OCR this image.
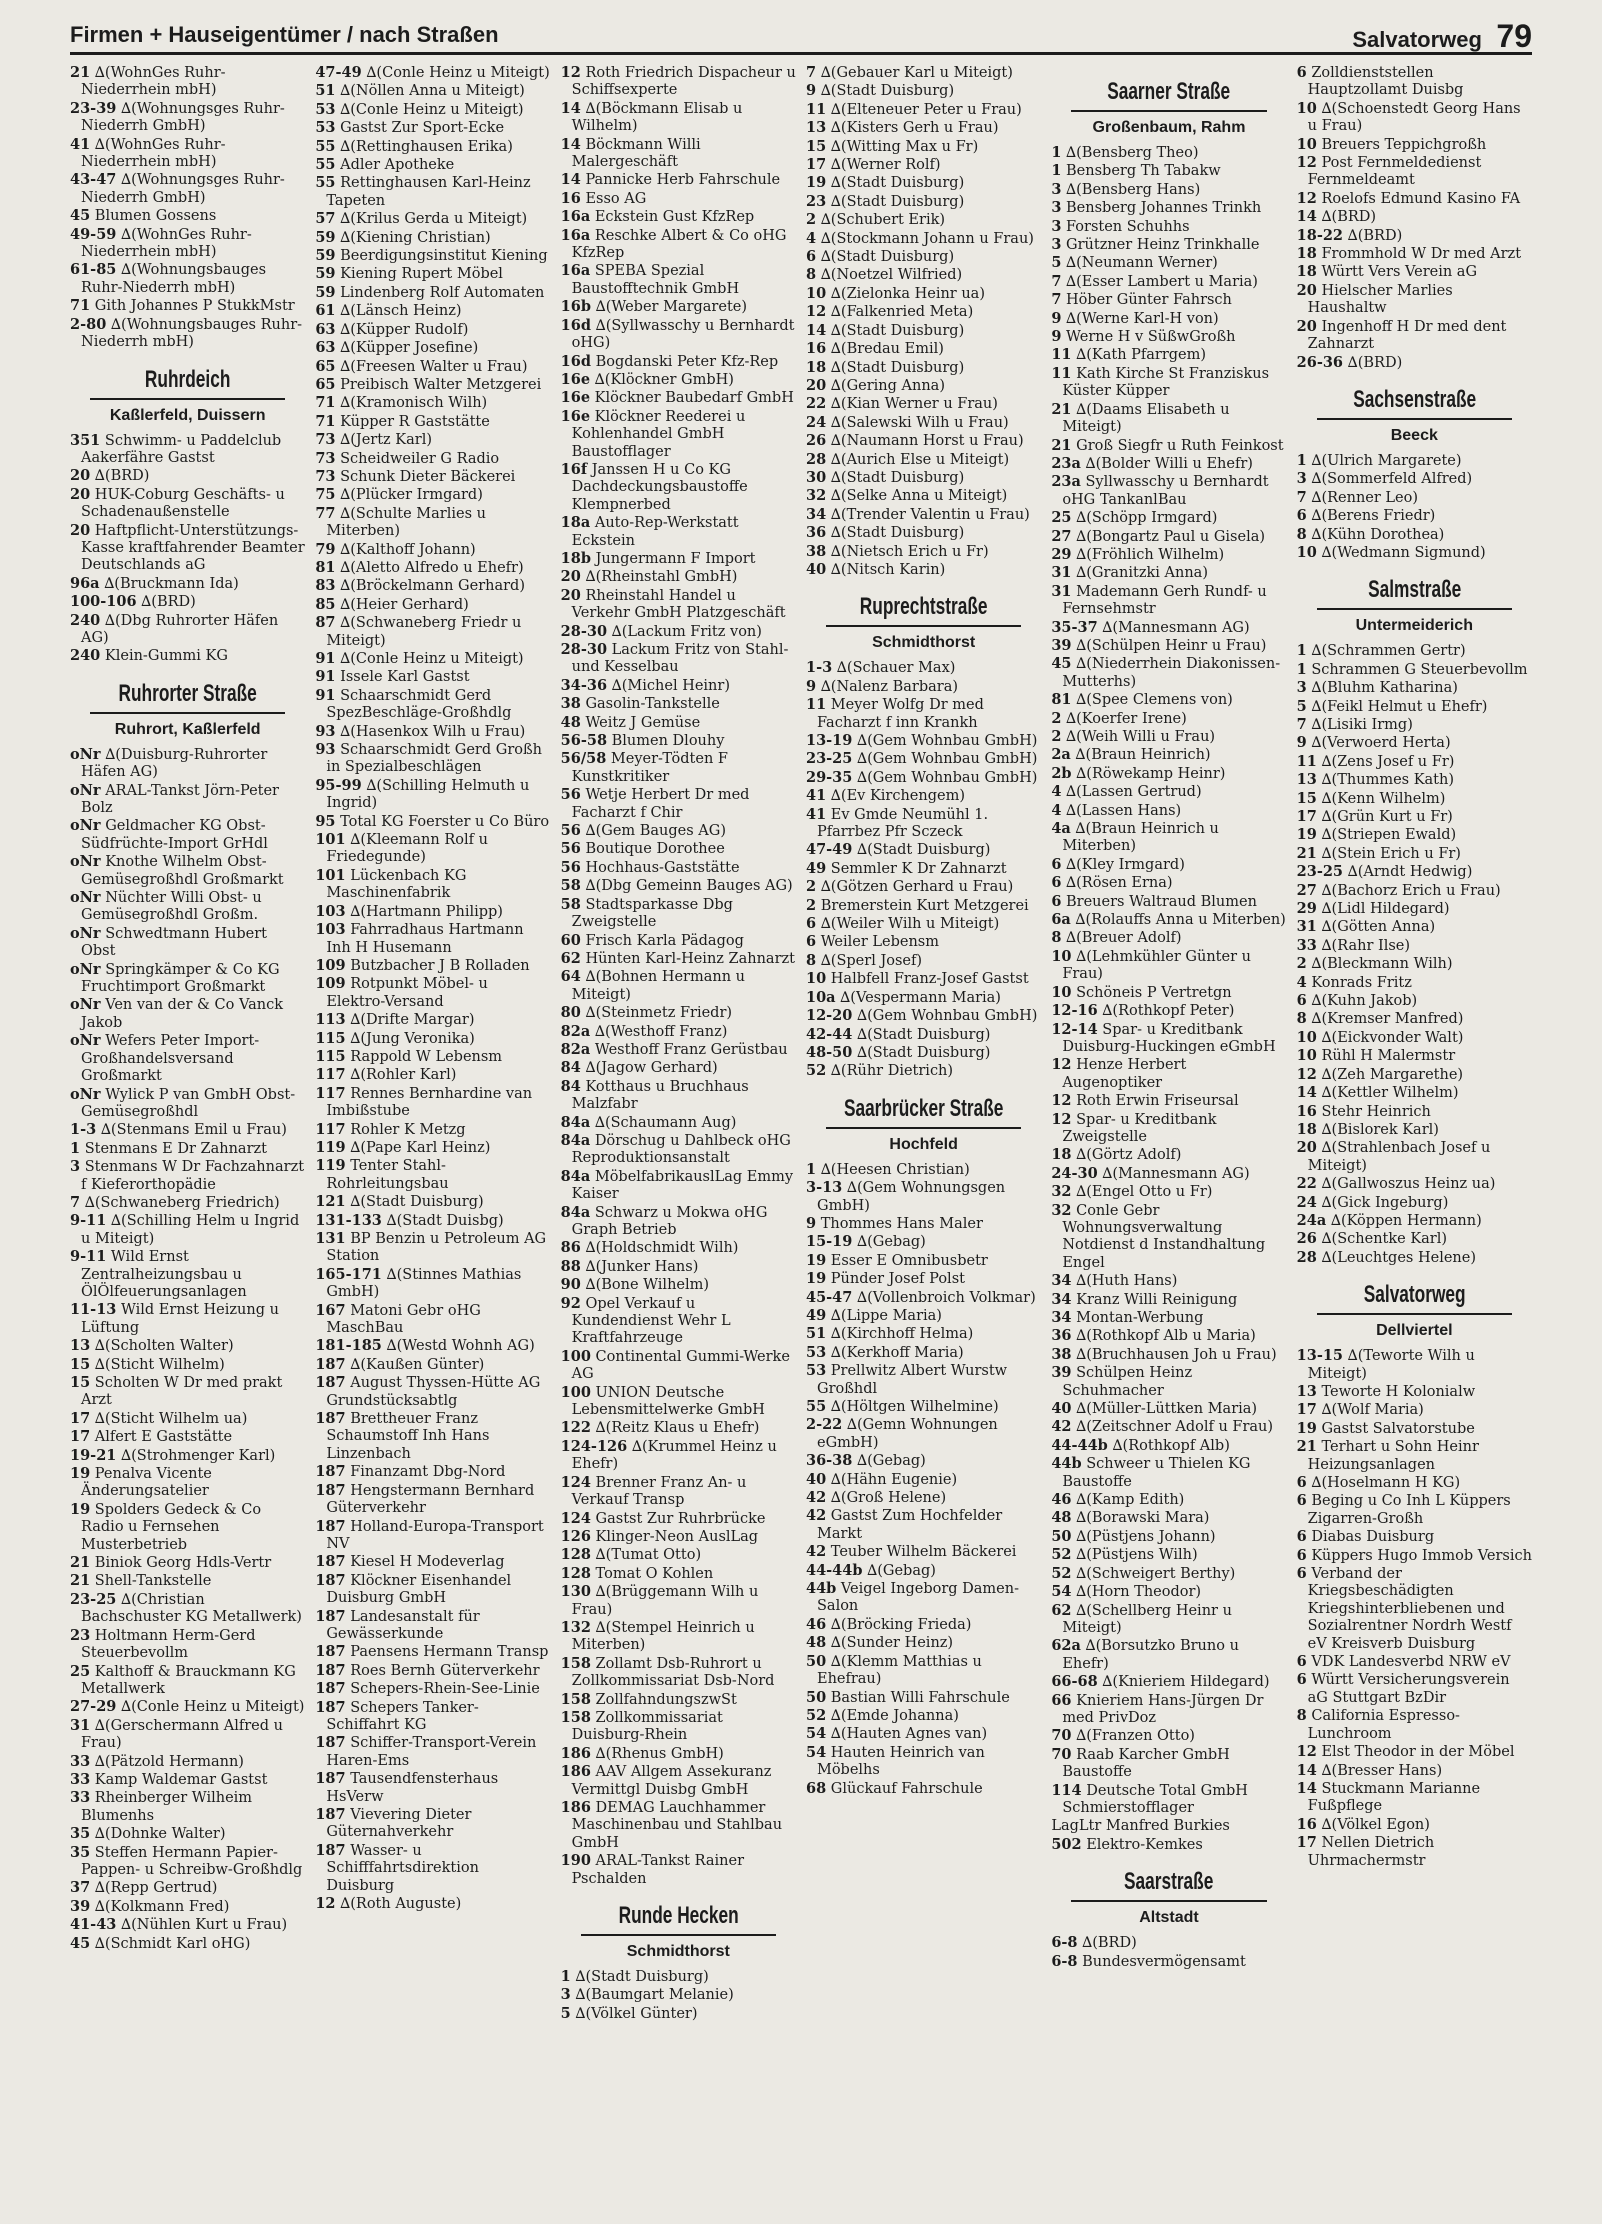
Firmen + Hauseigentümer / nach Straßen	Salvatorweg 79
21 ∆(WohnGes Ruhr-Niederrhein mbH)
23-39 ∆(Wohnungsges Ruhr-Niederrh GmbH)
41 ∆(WohnGes Ruhr-Niederrhein mbH)
43-47 ∆(Wohnungsges Ruhr-Niederrh GmbH)
45 Blumen Gossens
49-59 ∆(WohnGes Ruhr-Niederrhein mbH)
61-85 ∆(Wohnungsbauges Ruhr-Niederrh mbH)
71 Gith Johannes P StukkMstr
2-80 ∆(Wohnungsbauges Ruhr-Niederrh mbH)
Ruhrdeich
Kaßlerfeld, Duissern
351 Schwimm- u Paddelclub Aakerfähre Gastst
20 ∆(BRD)
20 HUK-Coburg Geschäfts- u Schadenaußenstelle
20 Haftpflicht-Unterstützungs-Kasse kraftfahrender Beamter Deutschlands aG
96a ∆(Bruckmann Ida)
100-106 ∆(BRD)
240 ∆(Dbg Ruhrorter Häfen AG)
240 Klein-Gummi KG
Ruhrorter Straße
Ruhrort, Kaßlerfeld
oNr ∆(Duisburg-Ruhrorter Häfen AG)
oNr ARAL-Tankst Jörn-Peter Bolz
oNr Geldmacher KG Obst-Südfrüchte-Import GrHdl
oNr Knothe Wilhelm Obst-Gemüsegroßhdl Großmarkt
oNr Nüchter Willi Obst- u Gemüsegroßhdl Großm.
oNr Schwedtmann Hubert Obst
oNr Springkämper & Co KG Fruchtimport Großmarkt
oNr Ven van der & Co Vanck Jakob
oNr Wefers Peter Import-Großhandelsversand Großmarkt
oNr Wylick P van GmbH Obst-Gemüsegroßhdl
1-3 ∆(Stenmans Emil u Frau)
1 Stenmans E Dr Zahnarzt
3 Stenmans W Dr Fachzahnarzt f Kieferorthopädie
7 ∆(Schwaneberg Friedrich)
9-11 ∆(Schilling Helm u Ingrid u Miteigt)
9-11 Wild Ernst Zentralheizungsbau u ÖlÖlfeuerungsanlagen
11-13 Wild Ernst Heizung u Lüftung
13 ∆(Scholten Walter)
15 ∆(Sticht Wilhelm)
15 Scholten W Dr med prakt Arzt
17 ∆(Sticht Wilhelm ua)
17 Alfert E Gaststätte
19-21 ∆(Strohmenger Karl)
19 Penalva Vicente Änderungsatelier
19 Spolders Gedeck & Co Radio u Fernsehen Musterbetrieb
21 Biniok Georg Hdls-Vertr
21 Shell-Tankstelle
23-25 ∆(Christian Bachschuster KG Metallwerk)
23 Holtmann Herm-Gerd Steuerbevollm
25 Kalthoff & Brauckmann KG Metallwerk
27-29 ∆(Conle Heinz u Miteigt)
31 ∆(Gerschermann Alfred u Frau)
33 ∆(Pätzold Hermann)
33 Kamp Waldemar Gastst
33 Rheinberger Wilheim Blumenhs
35 ∆(Dohnke Walter)
35 Steffen Hermann Papier- Pappen- u Schreibw-Großhdlg
37 ∆(Repp Gertrud)
39 ∆(Kolkmann Fred)
41-43 ∆(Nühlen Kurt u Frau)
45 ∆(Schmidt Karl oHG)
47-49 ∆(Conle Heinz u Miteigt)
51 ∆(Nöllen Anna u Miteigt)
53 ∆(Conle Heinz u Miteigt)
53 Gastst Zur Sport-Ecke
55 ∆(Rettinghausen Erika)
55 Adler Apotheke
55 Rettinghausen Karl-Heinz Tapeten
57 ∆(Krilus Gerda u Miteigt)
59 ∆(Kiening Christian)
59 Beerdigungsinstitut Kiening
59 Kiening Rupert Möbel
59 Lindenberg Rolf Automaten
61 ∆(Länsch Heinz)
63 ∆(Küpper Rudolf)
63 ∆(Küpper Josefine)
65 ∆(Freesen Walter u Frau)
65 Preibisch Walter Metzgerei
71 ∆(Kramonisch Wilh)
71 Küpper R Gaststätte
73 ∆(Jertz Karl)
73 Scheidweiler G Radio
73 Schunk Dieter Bäckerei
75 ∆(Plücker Irmgard)
77 ∆(Schulte Marlies u Miterben)
79 ∆(Kalthoff Johann)
81 ∆(Aletto Alfredo u Ehefr)
83 ∆(Bröckelmann Gerhard)
85 ∆(Heier Gerhard)
87 ∆(Schwaneberg Friedr u Miteigt)
91 ∆(Conle Heinz u Miteigt)
91 Issele Karl Gastst
91 Schaarschmidt Gerd SpezBeschläge-Großhdlg
93 ∆(Hasenkox Wilh u Frau)
93 Schaarschmidt Gerd Großh in Spezialbeschlägen
95-99 ∆(Schilling Helmuth u Ingrid)
95 Total KG Foerster u Co Büro
101 ∆(Kleemann Rolf u Friedegunde)
101 Lückenbach KG Maschinenfabrik
103 ∆(Hartmann Philipp)
103 Fahrradhaus Hartmann Inh H Husemann
109 Butzbacher J B Rolladen
109 Rotpunkt Möbel- u Elektro-Versand
113 ∆(Drifte Margar)
115 ∆(Jung Veronika)
115 Rappold W Lebensm
117 ∆(Rohler Karl)
117 Rennes Bernhardine van Imbißstube
117 Rohler K Metzg
119 ∆(Pape Karl Heinz)
119 Tenter Stahl- Rohrleitungsbau
121 ∆(Stadt Duisburg)
131-133 ∆(Stadt Duisbg)
131 BP Benzin u Petroleum AG Station
165-171 ∆(Stinnes Mathias GmbH)
167 Matoni Gebr oHG MaschBau
181-185 ∆(Westd Wohnh AG)
187 ∆(Kaußen Günter)
187 August Thyssen-Hütte AG Grundstücksabtlg
187 Brettheuer Franz Schaumstoff Inh Hans Linzenbach
187 Finanzamt Dbg-Nord
187 Hengstermann Bernhard Güterverkehr
187 Holland-Europa-Transport NV
187 Kiesel H Modeverlag
187 Klöckner Eisenhandel Duisburg GmbH
187 Landesanstalt für Gewässerkunde
187 Paensens Hermann Transp
187 Roes Bernh Güterverkehr
187 Schepers-Rhein-See-Linie
187 Schepers Tanker-Schiffahrt KG
187 Schiffer-Transport-Verein Haren-Ems
187 Tausendfensterhaus HsVerw
187 Vievering Dieter Güternahverkehr
187 Wasser- u Schifffahrtsdirektion Duisburg
12 ∆(Roth Auguste)
12 Roth Friedrich Dispacheur u Schiffsexperte
14 ∆(Böckmann Elisab u Wilhelm)
14 Böckmann Willi Malergeschäft
14 Pannicke Herb Fahrschule
16 Esso AG
16a Eckstein Gust KfzRep
16a Reschke Albert & Co oHG KfzRep
16a SPEBA Spezial Baustofftechnik GmbH
16b ∆(Weber Margarete)
16d ∆(Syllwasschy u Bernhardt oHG)
16d Bogdanski Peter Kfz-Rep
16e ∆(Klöckner GmbH)
16e Klöckner Baubedarf GmbH
16e Klöckner Reederei u Kohlenhandel GmbH Baustofflager
16f Janssen H u Co KG Dachdeckungsbaustoffe Klempnerbed
18a Auto-Rep-Werkstatt Eckstein
18b Jungermann F Import
20 ∆(Rheinstahl GmbH)
20 Rheinstahl Handel u Verkehr GmbH Platzgeschäft
28-30 ∆(Lackum Fritz von)
28-30 Lackum Fritz von Stahl- und Kesselbau
34-36 ∆(Michel Heinr)
38 Gasolin-Tankstelle
48 Weitz J Gemüse
56-58 Blumen Dlouhy
56/58 Meyer-Tödten F Kunstkritiker
56 Wetje Herbert Dr med Facharzt f Chir
56 ∆(Gem Bauges AG)
56 Boutique Dorothee
56 Hochhaus-Gaststätte
58 ∆(Dbg Gemeinn Bauges AG)
58 Stadtsparkasse Dbg Zweigstelle
60 Frisch Karla Pädagog
62 Hünten Karl-Heinz Zahnarzt
64 ∆(Bohnen Hermann u Miteigt)
80 ∆(Steinmetz Friedr)
82a ∆(Westhoff Franz)
82a Westhoff Franz Gerüstbau
84 ∆(Jagow Gerhard)
84 Kotthaus u Bruchhaus Malzfabr
84a ∆(Schaumann Aug)
84a Dörschug u Dahlbeck oHG Reproduktionsanstalt
84a MöbelfabrikauslLag Emmy Kaiser
84a Schwarz u Mokwa oHG Graph Betrieb
86 ∆(Holdschmidt Wilh)
88 ∆(Junker Hans)
90 ∆(Bone Wilhelm)
92 Opel Verkauf u Kundendienst Wehr L Kraftfahrzeuge
100 Continental Gummi-Werke AG
100 UNION Deutsche Lebensmittelwerke GmbH
122 ∆(Reitz Klaus u Ehefr)
124-126 ∆(Krummel Heinz u Ehefr)
124 Brenner Franz An- u Verkauf Transp
124 Gastst Zur Ruhrbrücke
126 Klinger-Neon AuslLag
128 ∆(Tumat Otto)
128 Tomat O Kohlen
130 ∆(Brüggemann Wilh u Frau)
132 ∆(Stempel Heinrich u Miterben)
158 Zollamt Dsb-Ruhrort u Zollkommissariat Dsb-Nord
158 ZollfahndungszwSt
158 Zollkommissariat Duisburg-Rhein
186 ∆(Rhenus GmbH)
186 AAV Allgem Assekuranz Vermittgl Duisbg GmbH
186 DEMAG Lauchhammer Maschinenbau und Stahlbau GmbH
190 ARAL-Tankst Rainer Pschalden
Runde Hecken
Schmidthorst
1 ∆(Stadt Duisburg)
3 ∆(Baumgart Melanie)
5 ∆(Völkel Günter)
7 ∆(Gebauer Karl u Miteigt)
9 ∆(Stadt Duisburg)
11 ∆(Elteneuer Peter u Frau)
13 ∆(Kisters Gerh u Frau)
15 ∆(Witting Max u Fr)
17 ∆(Werner Rolf)
19 ∆(Stadt Duisburg)
23 ∆(Stadt Duisburg)
2 ∆(Schubert Erik)
4 ∆(Stockmann Johann u Frau)
6 ∆(Stadt Duisburg)
8 ∆(Noetzel Wilfried)
10 ∆(Zielonka Heinr ua)
12 ∆(Falkenried Meta)
14 ∆(Stadt Duisburg)
16 ∆(Bredau Emil)
18 ∆(Stadt Duisburg)
20 ∆(Gering Anna)
22 ∆(Kian Werner u Frau)
24 ∆(Salewski Wilh u Frau)
26 ∆(Naumann Horst u Frau)
28 ∆(Aurich Else u Miteigt)
30 ∆(Stadt Duisburg)
32 ∆(Selke Anna u Miteigt)
34 ∆(Trender Valentin u Frau)
36 ∆(Stadt Duisburg)
38 ∆(Nietsch Erich u Fr)
40 ∆(Nitsch Karin)
Ruprechtstraße
Schmidthorst
1-3 ∆(Schauer Max)
9 ∆(Nalenz Barbara)
11 Meyer Wolfg Dr med Facharzt f inn Krankh
13-19 ∆(Gem Wohnbau GmbH)
23-25 ∆(Gem Wohnbau GmbH)
29-35 ∆(Gem Wohnbau GmbH)
41 ∆(Ev Kirchengem)
41 Ev Gmde Neumühl 1. Pfarrbez Pfr Sczeck
47-49 ∆(Stadt Duisburg)
49 Semmler K Dr Zahnarzt
2 ∆(Götzen Gerhard u Frau)
2 Bremerstein Kurt Metzgerei
6 ∆(Weiler Wilh u Miteigt)
6 Weiler Lebensm
8 ∆(Sperl Josef)
10 Halbfell Franz-Josef Gastst
10a ∆(Vespermann Maria)
12-20 ∆(Gem Wohnbau GmbH)
42-44 ∆(Stadt Duisburg)
48-50 ∆(Stadt Duisburg)
52 ∆(Rühr Dietrich)
Saarbrücker Straße
Hochfeld
1 ∆(Heesen Christian)
3-13 ∆(Gem Wohnungsgen GmbH)
9 Thommes Hans Maler
15-19 ∆(Gebag)
19 Esser E Omnibusbetr
19 Pünder Josef Polst
45-47 ∆(Vollenbroich Volkmar)
49 ∆(Lippe Maria)
51 ∆(Kirchhoff Helma)
53 ∆(Kerkhoff Maria)
53 Prellwitz Albert Wurstw Großhdl
55 ∆(Höltgen Wilhelmine)
2-22 ∆(Gemn Wohnungen eGmbH)
36-38 ∆(Gebag)
40 ∆(Hähn Eugenie)
42 ∆(Groß Helene)
42 Gastst Zum Hochfelder Markt
42 Teuber Wilhelm Bäckerei
44-44b ∆(Gebag)
44b Veigel Ingeborg Damen-Salon
46 ∆(Bröcking Frieda)
48 ∆(Sunder Heinz)
50 ∆(Klemm Matthias u Ehefrau)
50 Bastian Willi Fahrschule
52 ∆(Emde Johanna)
54 ∆(Hauten Agnes van)
54 Hauten Heinrich van Möbelhs
68 Glückauf Fahrschule
Saarner Straße
Großenbaum, Rahm
1 ∆(Bensberg Theo)
1 Bensberg Th Tabakw
3 ∆(Bensberg Hans)
3 Bensberg Johannes Trinkh
3 Forsten Schuhhs
3 Grützner Heinz Trinkhalle
5 ∆(Neumann Werner)
7 ∆(Esser Lambert u Maria)
7 Höber Günter Fahrsch
9 ∆(Werne Karl-H von)
9 Werne H v SüßwGroßh
11 ∆(Kath Pfarrgem)
11 Kath Kirche St Franziskus Küster Küpper
21 ∆(Daams Elisabeth u Miteigt)
21 Groß Siegfr u Ruth Feinkost
23a ∆(Bolder Willi u Ehefr)
23a Syllwasschy u Bernhardt oHG TankanlBau
25 ∆(Schöpp Irmgard)
27 ∆(Bongartz Paul u Gisela)
29 ∆(Fröhlich Wilhelm)
31 ∆(Granitzki Anna)
31 Mademann Gerh Rundf- u Fernsehmstr
35-37 ∆(Mannesmann AG)
39 ∆(Schülpen Heinr u Frau)
45 ∆(Niederrhein Diakonissen-Mutterhs)
81 ∆(Spee Clemens von)
2 ∆(Koerfer Irene)
2 ∆(Weih Willi u Frau)
2a ∆(Braun Heinrich)
2b ∆(Röwekamp Heinr)
4 ∆(Lassen Gertrud)
4 ∆(Lassen Hans)
4a ∆(Braun Heinrich u Miterben)
6 ∆(Kley Irmgard)
6 ∆(Rösen Erna)
6 Breuers Waltraud Blumen
6a ∆(Rolauffs Anna u Miterben)
8 ∆(Breuer Adolf)
10 ∆(Lehmkühler Günter u Frau)
10 Schöneis P Vertretgn
12-16 ∆(Rothkopf Peter)
12-14 Spar- u Kreditbank Duisburg-Huckingen eGmbH
12 Henze Herbert Augenoptiker
12 Roth Erwin Friseursal
12 Spar- u Kreditbank Zweigstelle
18 ∆(Görtz Adolf)
24-30 ∆(Mannesmann AG)
32 ∆(Engel Otto u Fr)
32 Conle Gebr Wohnungsverwaltung Notdienst d Instandhaltung Engel
34 ∆(Huth Hans)
34 Kranz Willi Reinigung
34 Montan-Werbung
36 ∆(Rothkopf Alb u Maria)
38 ∆(Bruchhausen Joh u Frau)
39 Schülpen Heinz Schuhmacher
40 ∆(Müller-Lüttken Maria)
42 ∆(Zeitschner Adolf u Frau)
44-44b ∆(Rothkopf Alb)
44b Schweer u Thielen KG Baustoffe
46 ∆(Kamp Edith)
48 ∆(Borawski Mara)
50 ∆(Püstjens Johann)
52 ∆(Püstjens Wilh)
52 ∆(Schweigert Berthy)
54 ∆(Horn Theodor)
62 ∆(Schellberg Heinr u Miteigt)
62a ∆(Borsutzko Bruno u Ehefr)
66-68 ∆(Knieriem Hildegard)
66 Knieriem Hans-Jürgen Dr med PrivDoz
70 ∆(Franzen Otto)
70 Raab Karcher GmbH Baustoffe
114 Deutsche Total GmbH Schmierstofflager
LagLtr Manfred Burkies
502 Elektro-Kemkes
Saarstraße
Altstadt
6-8 ∆(BRD)
6-8 Bundesvermögensamt
6 Zolldienststellen Hauptzollamt Duisbg
10 ∆(Schoenstedt Georg Hans u Frau)
10 Breuers Teppichgroßh
12 Post Fernmeldedienst Fernmeldeamt
12 Roelofs Edmund Kasino FA
14 ∆(BRD)
18-22 ∆(BRD)
18 Frommhold W Dr med Arzt
18 Württ Vers Verein aG
20 Hielscher Marlies Haushaltw
20 Ingenhoff H Dr med dent Zahnarzt
26-36 ∆(BRD)
Sachsenstraße
Beeck
1 ∆(Ulrich Margarete)
3 ∆(Sommerfeld Alfred)
7 ∆(Renner Leo)
6 ∆(Berens Friedr)
8 ∆(Kühn Dorothea)
10 ∆(Wedmann Sigmund)
Salmstraße
Untermeiderich
1 ∆(Schrammen Gertr)
1 Schrammen G Steuerbevollm
3 ∆(Bluhm Katharina)
5 ∆(Feikl Helmut u Ehefr)
7 ∆(Lisiki Irmg)
9 ∆(Verwoerd Herta)
11 ∆(Zens Josef u Fr)
13 ∆(Thummes Kath)
15 ∆(Kenn Wilhelm)
17 ∆(Grün Kurt u Fr)
19 ∆(Striepen Ewald)
21 ∆(Stein Erich u Fr)
23-25 ∆(Arndt Hedwig)
27 ∆(Bachorz Erich u Frau)
29 ∆(Lidl Hildegard)
31 ∆(Götten Anna)
33 ∆(Rahr Ilse)
2 ∆(Bleckmann Wilh)
4 Konrads Fritz
6 ∆(Kuhn Jakob)
8 ∆(Kremser Manfred)
10 ∆(Eickvonder Walt)
10 Rühl H Malermstr
12 ∆(Zeh Margarethe)
14 ∆(Kettler Wilhelm)
16 Stehr Heinrich
18 ∆(Bislorek Karl)
20 ∆(Strahlenbach Josef u Miteigt)
22 ∆(Gallwoszus Heinz ua)
24 ∆(Gick Ingeburg)
24a ∆(Köppen Hermann)
26 ∆(Schentke Karl)
28 ∆(Leuchtges Helene)
Salvatorweg
Dellviertel
13-15 ∆(Teworte Wilh u Miteigt)
13 Teworte H Kolonialw
17 ∆(Wolf Maria)
19 Gastst Salvatorstube
21 Terhart u Sohn Heinr Heizungsanlagen
6 ∆(Hoselmann H KG)
6 Beging u Co Inh L Küppers Zigarren-Großh
6 Diabas Duisburg
6 Küppers Hugo Immob Versich
6 Verband der Kriegsbeschädigten Kriegshinterbliebenen und Sozialrentner Nordrh Westf eV Kreisverb Duisburg
6 VDK Landesverbd NRW eV
6 Württ Versicherungsverein aG Stuttgart BzDir
8 California Espresso-Lunchroom
12 Elst Theodor in der Möbel
14 ∆(Bresser Hans)
14 Stuckmann Marianne Fußpflege
16 ∆(Völkel Egon)
17 Nellen Dietrich Uhrmachermstr
